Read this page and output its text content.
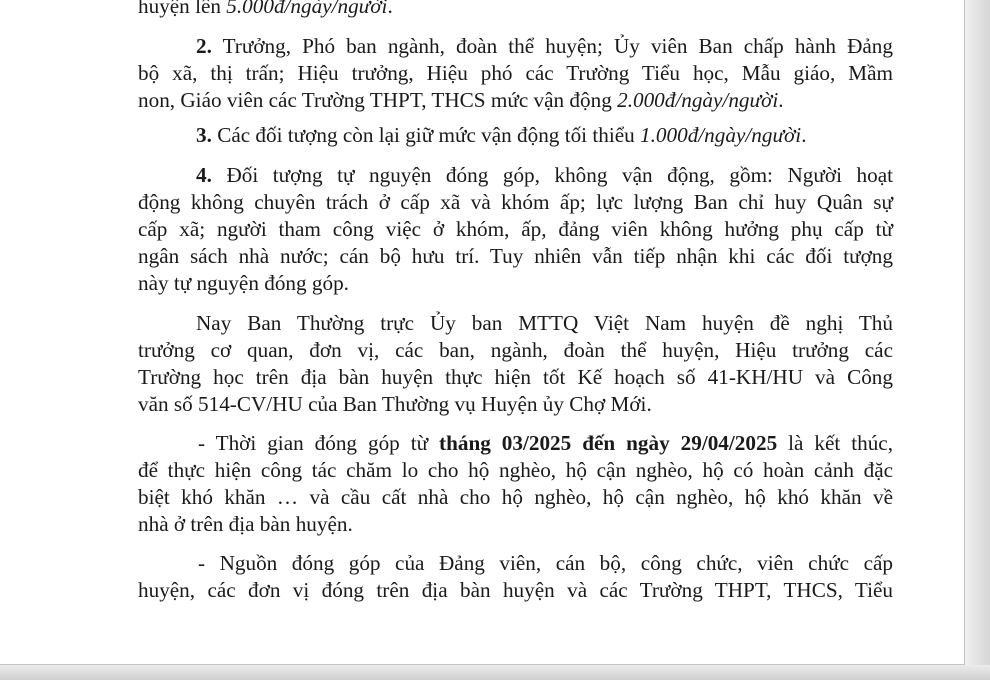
huyện lên 5.000đ/ngày/người.
2. Trưởng, Phó ban ngành, đoàn thể huyện; Ủy viên Ban chấp hành Đảng
bộ xã, thị trấn; Hiệu trưởng, Hiệu phó các Trường Tiểu học, Mẫu giáo, Mầm
non, Giáo viên các Trường THPT, THCS mức vận động 2.000đ/ngày/người.
3. Các đối tượng còn lại giữ mức vận động tối thiểu 1.000đ/ngày/người.
4. Đối tượng tự nguyện đóng góp, không vận động, gồm: Người hoạt
động không chuyên trách ở cấp xã và khóm ấp; lực lượng Ban chỉ huy Quân sự
cấp xã; người tham công việc ở khóm, ấp, đảng viên không hưởng phụ cấp từ
ngân sách nhà nước; cán bộ hưu trí. Tuy nhiên vẫn tiếp nhận khi các đối tượng
này tự nguyện đóng góp.
Nay Ban Thường trực Ủy ban MTTQ Việt Nam huyện đề nghị Thủ
trưởng cơ quan, đơn vị, các ban, ngành, đoàn thể huyện, Hiệu trưởng các
Trường học trên địa bàn huyện thực hiện tốt Kế hoạch số 41-KH/HU và Công
văn số 514-CV/HU của Ban Thường vụ Huyện ủy Chợ Mới.
- Thời gian đóng góp từ tháng 03/2025 đến ngày 29/04/2025 là kết thúc,
để thực hiện công tác chăm lo cho hộ nghèo, hộ cận nghèo, hộ có hoàn cảnh đặc
biệt khó khăn … và cầu cất nhà cho hộ nghèo, hộ cận nghèo, hộ khó khăn về
nhà ở trên địa bàn huyện.
- Nguồn đóng góp của Đảng viên, cán bộ, công chức, viên chức cấp
huyện, các đơn vị đóng trên địa bàn huyện và các Trường THPT, THCS, Tiểu
